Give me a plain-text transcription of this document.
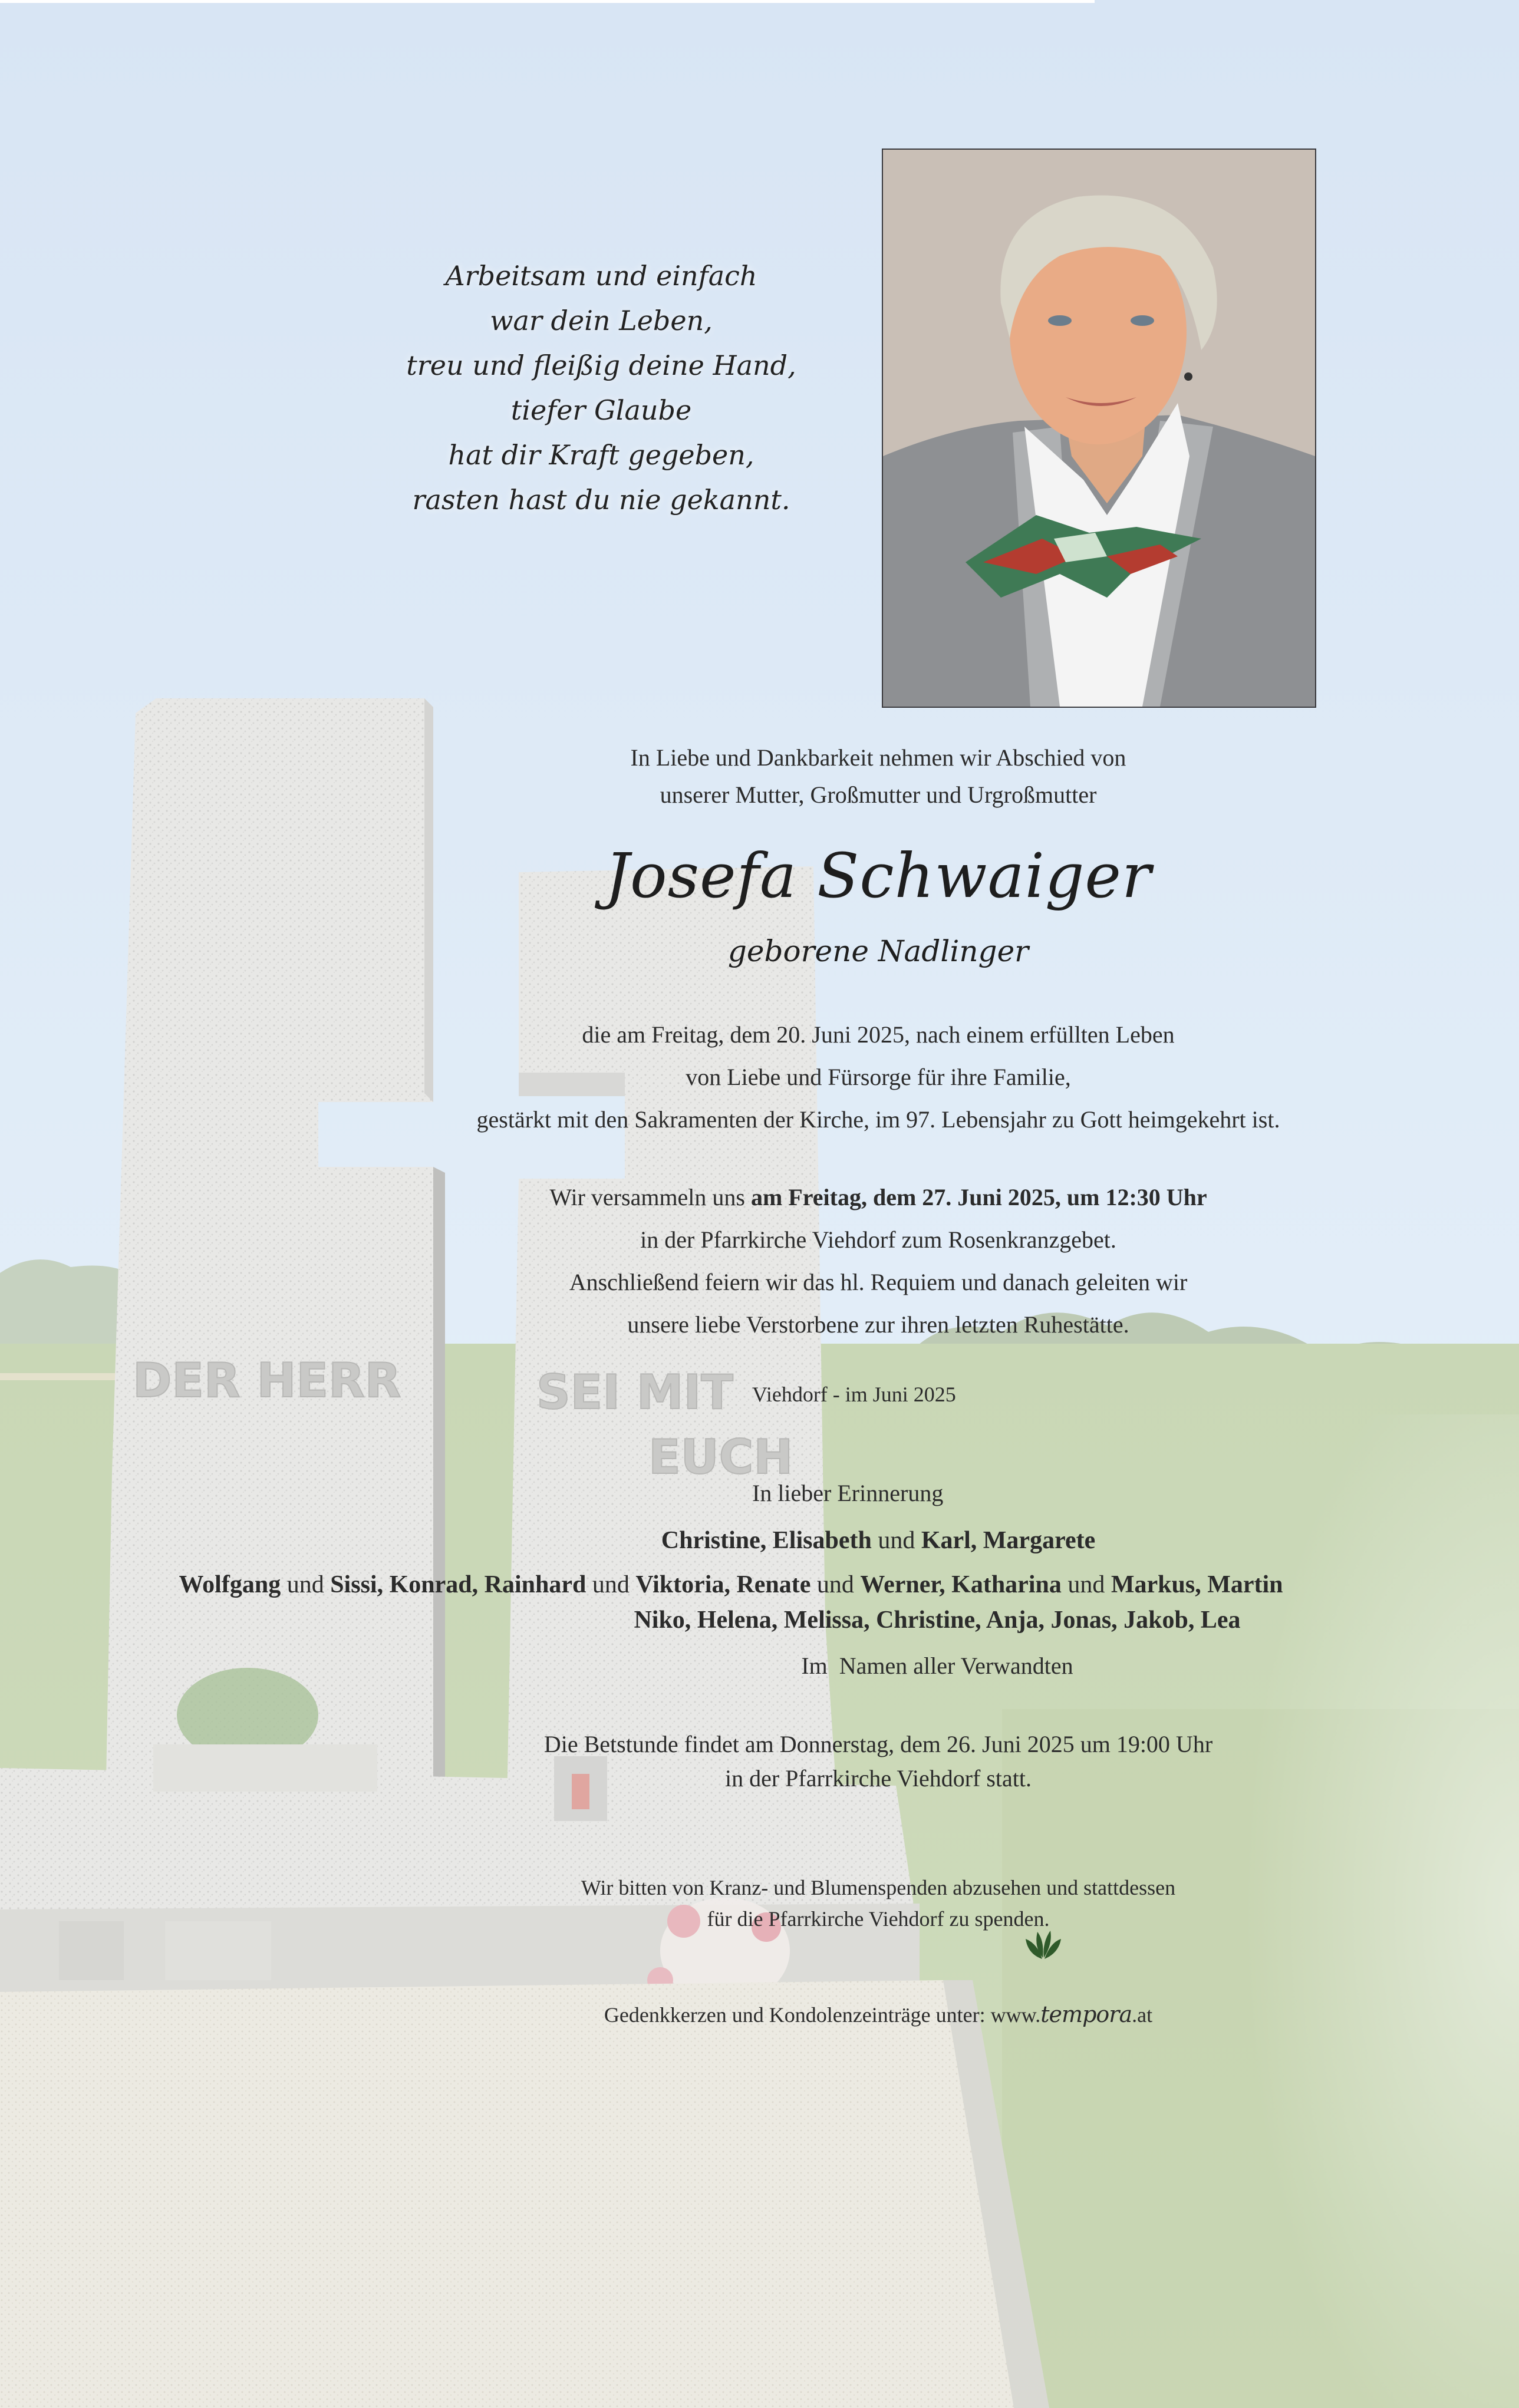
DER HERR	SEI MIT
EUCH
Arbeitsam und einfach
war dein Leben,
treu und fleißig deine Hand,
tiefer Glaube
hat dir Kraft gegeben,
rasten hast du nie gekannt.
In Liebe und Dankbarkeit nehmen wir Abschied von
unserer Mutter, Großmutter und Urgroßmutter
Josefa Schwaiger
geborene Nadlinger
die am Freitag, dem 20. Juni 2025, nach einem erfüllten Leben
von Liebe und Fürsorge für ihre Familie,
gestärkt mit den Sakramenten der Kirche, im 97. Lebensjahr zu Gott heimgekehrt ist.
Wir versammeln uns am Freitag, dem 27. Juni 2025, um 12:30 Uhr
in der Pfarrkirche Viehdorf zum Rosenkranzgebet.
Anschließend feiern wir das hl. Requiem und danach geleiten wir
unsere liebe Verstorbene zur ihren letzten Ruhestätte.
Viehdorf - im Juni 2025
In lieber Erinnerung
Christine, Elisabeth und Karl, Margarete
Wolfgang und Sissi, Konrad, Rainhard und Viktoria, Renate und Werner, Katharina und Markus, Martin
Niko, Helena, Melissa, Christine, Anja, Jonas, Jakob, Lea
Im  Namen aller Verwandten
Die Betstunde findet am Donnerstag, dem 26. Juni 2025 um 19:00 Uhr
in der Pfarrkirche Viehdorf statt.
Wir bitten von Kranz- und Blumenspenden abzusehen und stattdessen
für die Pfarrkirche Viehdorf zu spenden.
Gedenkkerzen und Kondolenzeinträge unter: www.tempora.at
